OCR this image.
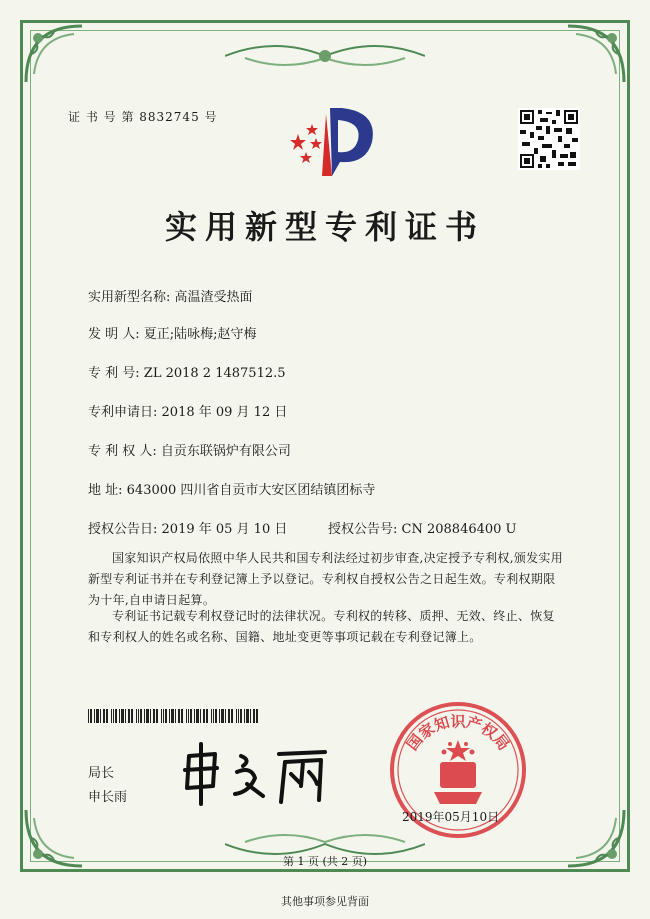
证 书 号 第 8832745 号
实用新型专利证书
实用新型名称: 高温渣受热面
发 明 人: 夏正;陆咏梅;赵守梅
专 利 号: ZL 2018 2 1487512.5
专利申请日: 2018 年 09 月 12 日
专 利 权 人: 自贡东联锅炉有限公司
地 址: 643000 四川省自贡市大安区团结镇团标寺
授权公告日: 2019 年 05 月 10 日	授权公告号: CN 208846400 U
国家知识产权局依照中华人民共和国专利法经过初步审查,决定授予专利权,颁发实用新型专利证书并在专利登记簿上予以登记。专利权自授权公告之日起生效。专利权期限为十年,自申请日起算。
专利证书记载专利权登记时的法律状况。专利权的转移、质押、无效、终止、恢复和专利权人的姓名或名称、国籍、地址变更等事项记载在专利登记簿上。
局长
申长雨
国家知识产权局
2019年05月10日
第 1 页 (共 2 页)
其他事项参见背面
